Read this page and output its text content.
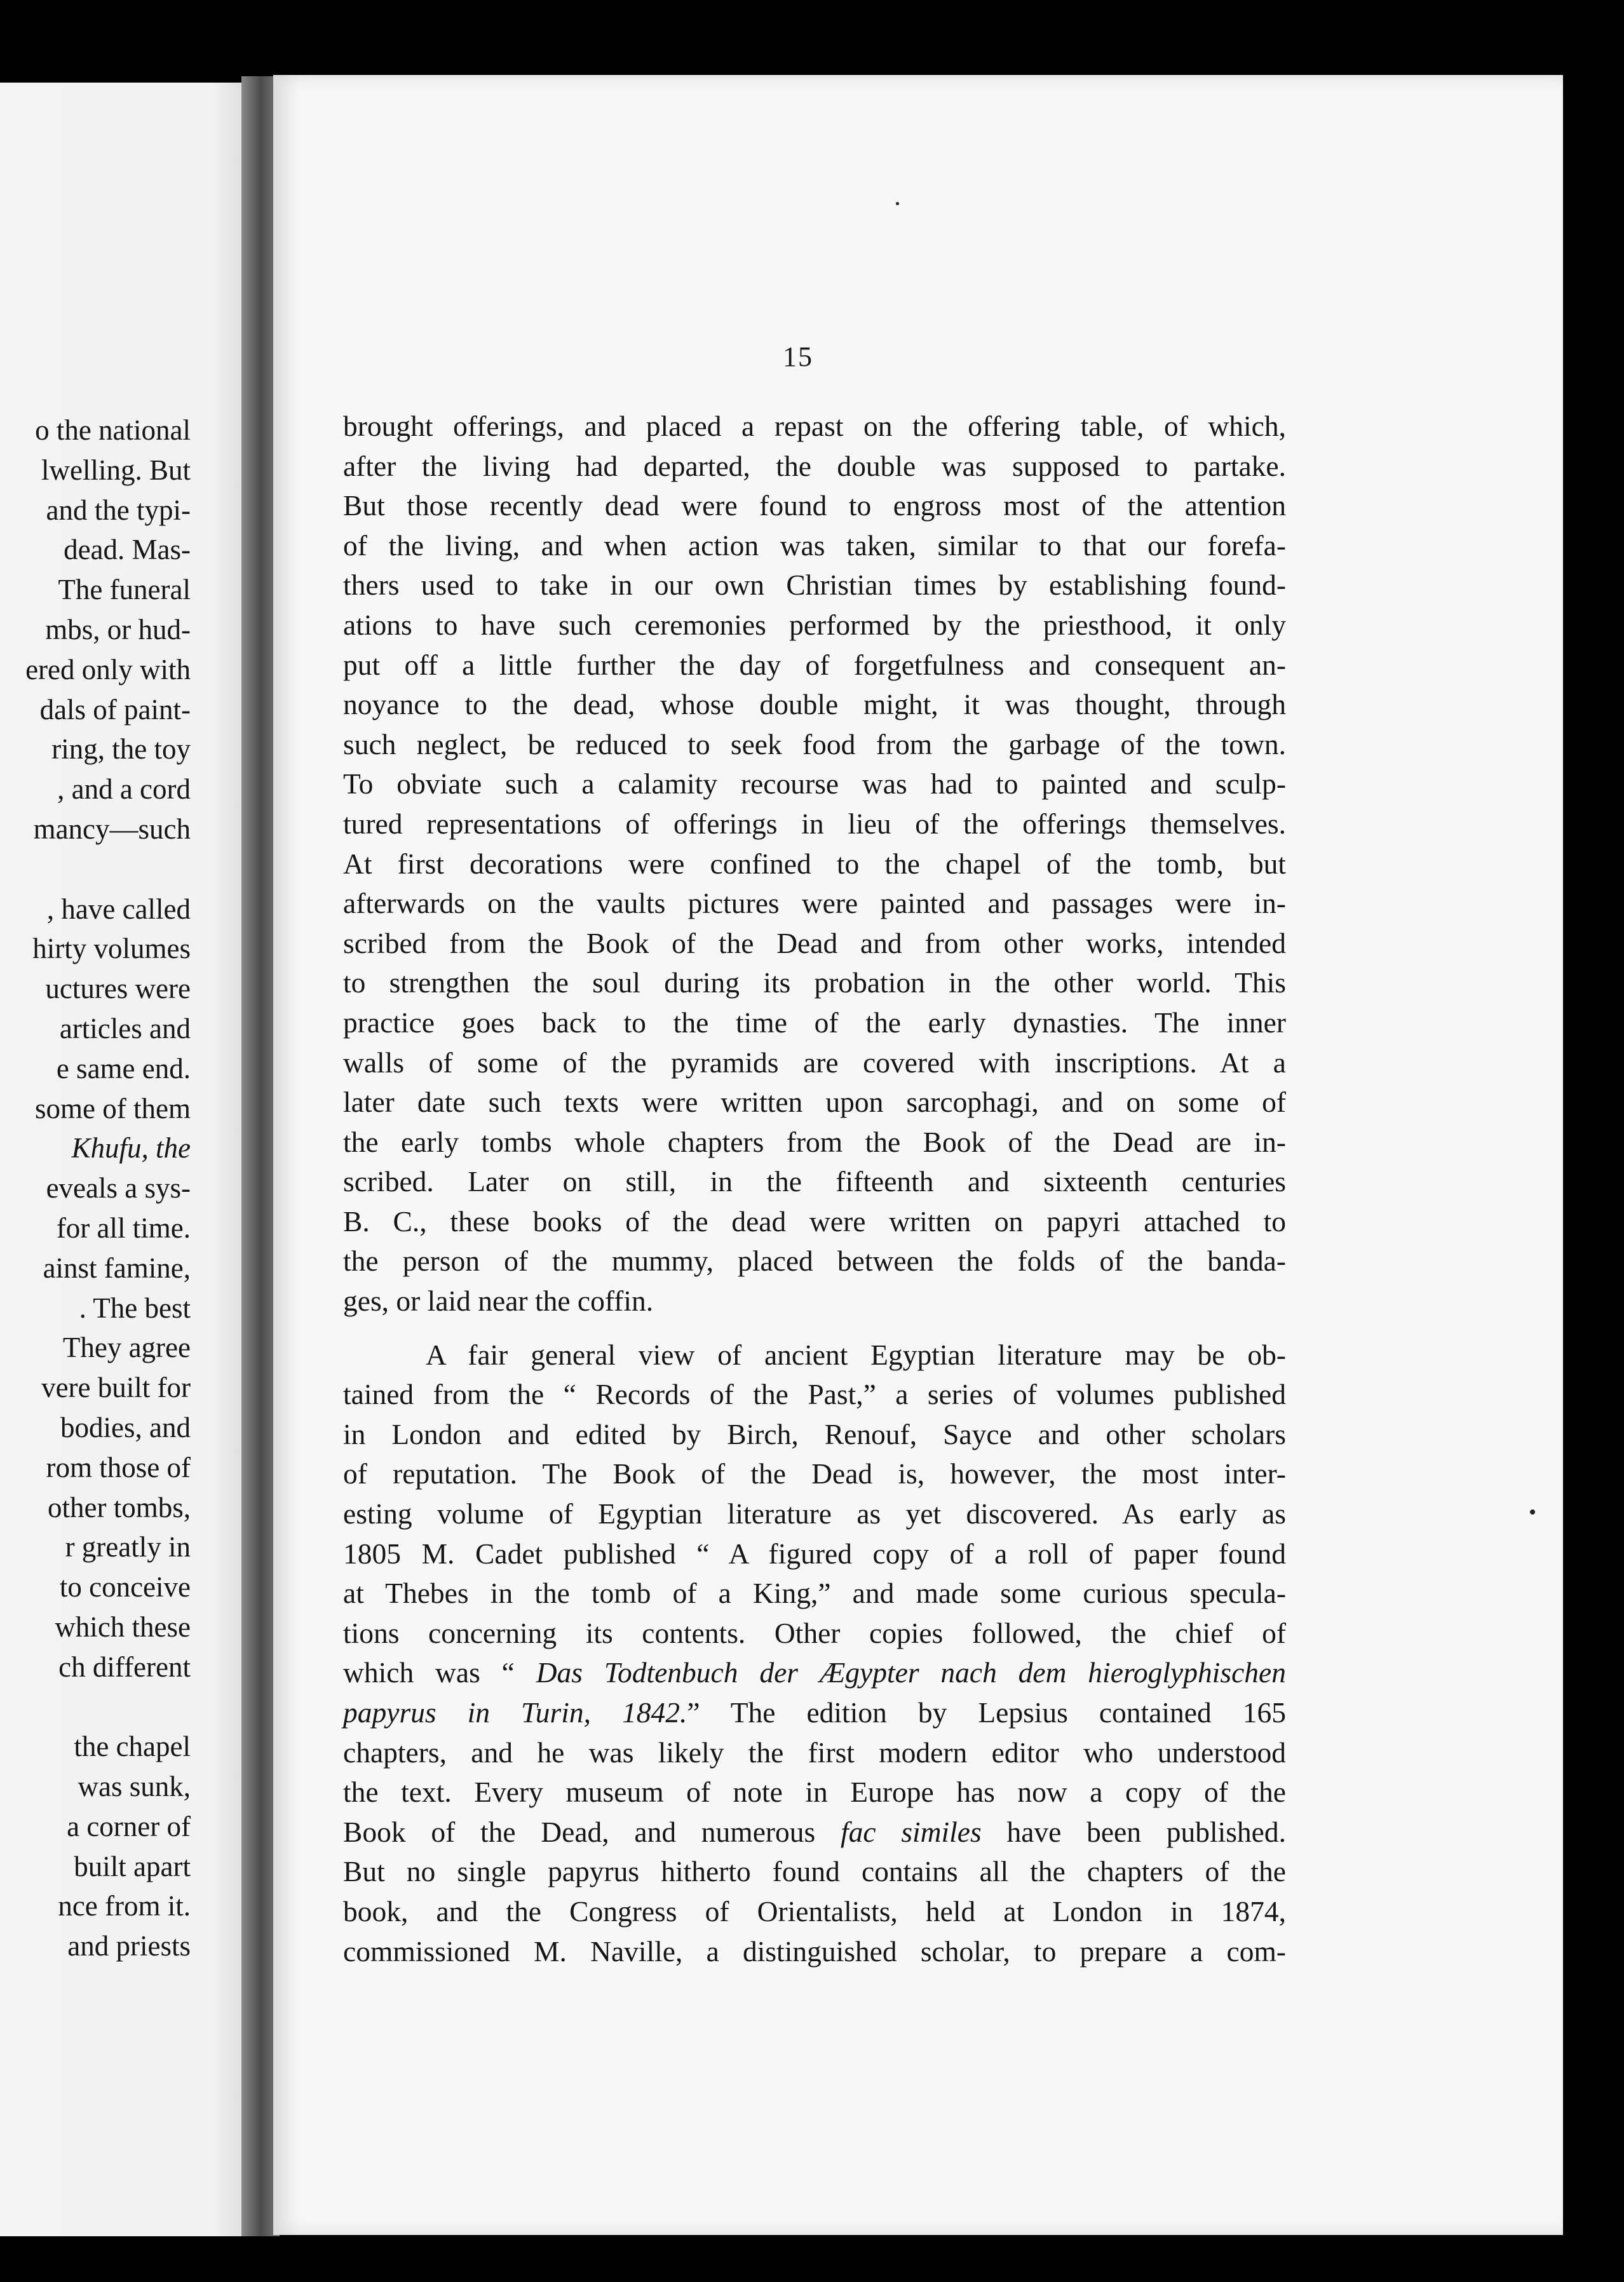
o the national
lwelling. But
and the typi-
dead. Mas-
The funeral
mbs, or hud-
ered only with
dals of paint-
ring, the toy
, and a cord
mancy—such
, have called
hirty volumes
uctures were
articles and
e same end.
some of them
Khufu, the
eveals a sys-
for all time.
ainst famine,
. The best
They agree
vere built for
bodies, and
rom those of
other tombs,
r greatly in
to conceive
which these
ch different
the chapel
was sunk,
a corner of
built apart
nce from it.
and priests
15
brought offerings, and placed a repast on the offering table, of which,
after the living had departed, the double was supposed to partake.
But those recently dead were found to engross most of the attention
of the living, and when action was taken, similar to that our forefa-
thers used to take in our own Christian times by establishing found-
ations to have such ceremonies performed by the priesthood, it only
put off a little further the day of forgetfulness and consequent an-
noyance to the dead, whose double might, it was thought, through
such neglect, be reduced to seek food from the garbage of the town.
To obviate such a calamity recourse was had to painted and sculp-
tured representations of offerings in lieu of the offerings themselves.
At first decorations were confined to the chapel of the tomb, but
afterwards on the vaults pictures were painted and passages were in-
scribed from the Book of the Dead and from other works, intended
to strengthen the soul during its probation in the other world. This
practice goes back to the time of the early dynasties. The inner
walls of some of the pyramids are covered with inscriptions. At a
later date such texts were written upon sarcophagi, and on some of
the early tombs whole chapters from the Book of the Dead are in-
scribed. Later on still, in the fifteenth and sixteenth centuries
B. C., these books of the dead were written on papyri attached to
the person of the mummy, placed between the folds of the banda-
ges, or laid near the coffin.
A fair general view of ancient Egyptian literature may be ob-
tained from the “ Records of the Past,” a series of volumes published
in London and edited by Birch, Renouf, Sayce and other scholars
of reputation. The Book of the Dead is, however, the most inter-
esting volume of Egyptian literature as yet discovered. As early as
1805 M. Cadet published “ A figured copy of a roll of paper found
at Thebes in the tomb of a King,” and made some curious specula-
tions concerning its contents. Other copies followed, the chief of
which was “ Das Todtenbuch der Ægypter nach dem hieroglyphischen
papyrus in Turin, 1842.” The edition by Lepsius contained 165
chapters, and he was likely the first modern editor who understood
the text. Every museum of note in Europe has now a copy of the
Book of the Dead, and numerous fac similes have been published.
But no single papyrus hitherto found contains all the chapters of the
book, and the Congress of Orientalists, held at London in 1874,
commissioned M. Naville, a distinguished scholar, to prepare a com-
